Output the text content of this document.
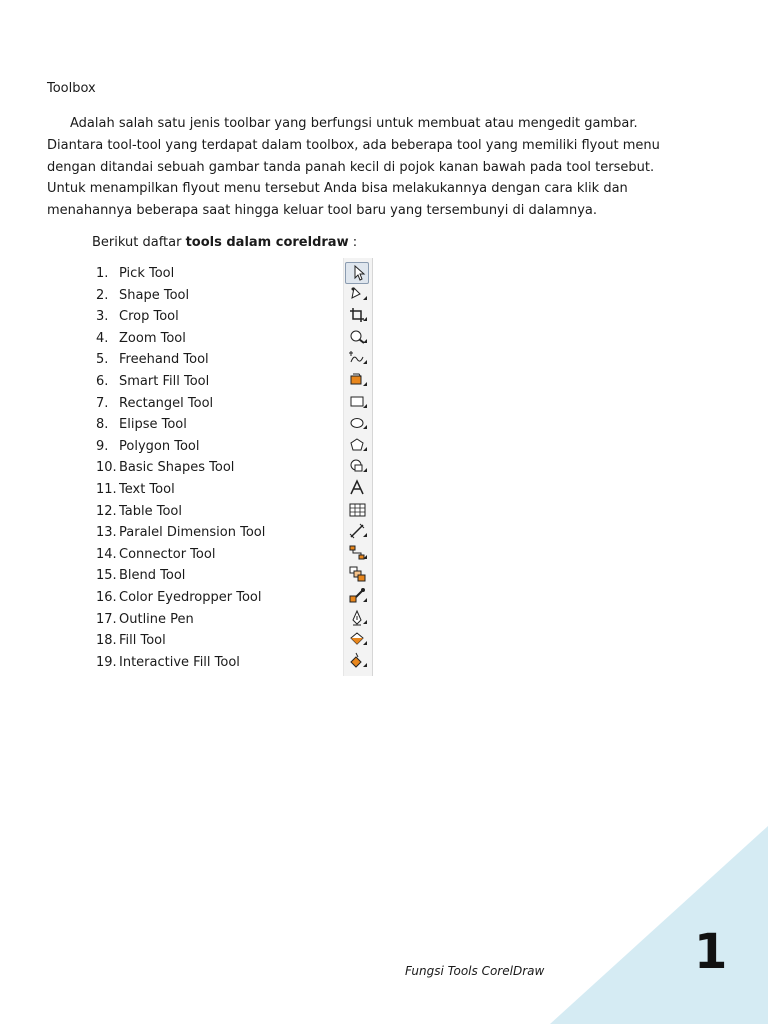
Toolbox
Adalah salah satu jenis toolbar yang berfungsi untuk membuat atau mengedit gambar.
Diantara tool-tool yang terdapat dalam toolbox, ada beberapa tool yang memiliki flyout menu
dengan ditandai sebuah gambar tanda panah kecil di pojok kanan bawah pada tool tersebut.
Untuk menampilkan flyout menu tersebut Anda bisa melakukannya dengan cara klik dan
menahannya beberapa saat hingga keluar tool baru yang tersembunyi di dalamnya.
Berikut daftar tools dalam coreldraw :
1. Pick Tool
2. Shape Tool
3. Crop Tool
4. Zoom Tool
5. Freehand Tool
6. Smart Fill Tool
7. Rectangel Tool
8. Elipse Tool
9. Polygon Tool
10. Basic Shapes Tool
11. Text Tool
12. Table Tool
13. Paralel Dimension Tool
14. Connector Tool
15. Blend Tool
16. Color Eyedropper Tool
17. Outline Pen
18. Fill Tool
19. Interactive Fill Tool
Fungsi Tools CorelDraw	1
